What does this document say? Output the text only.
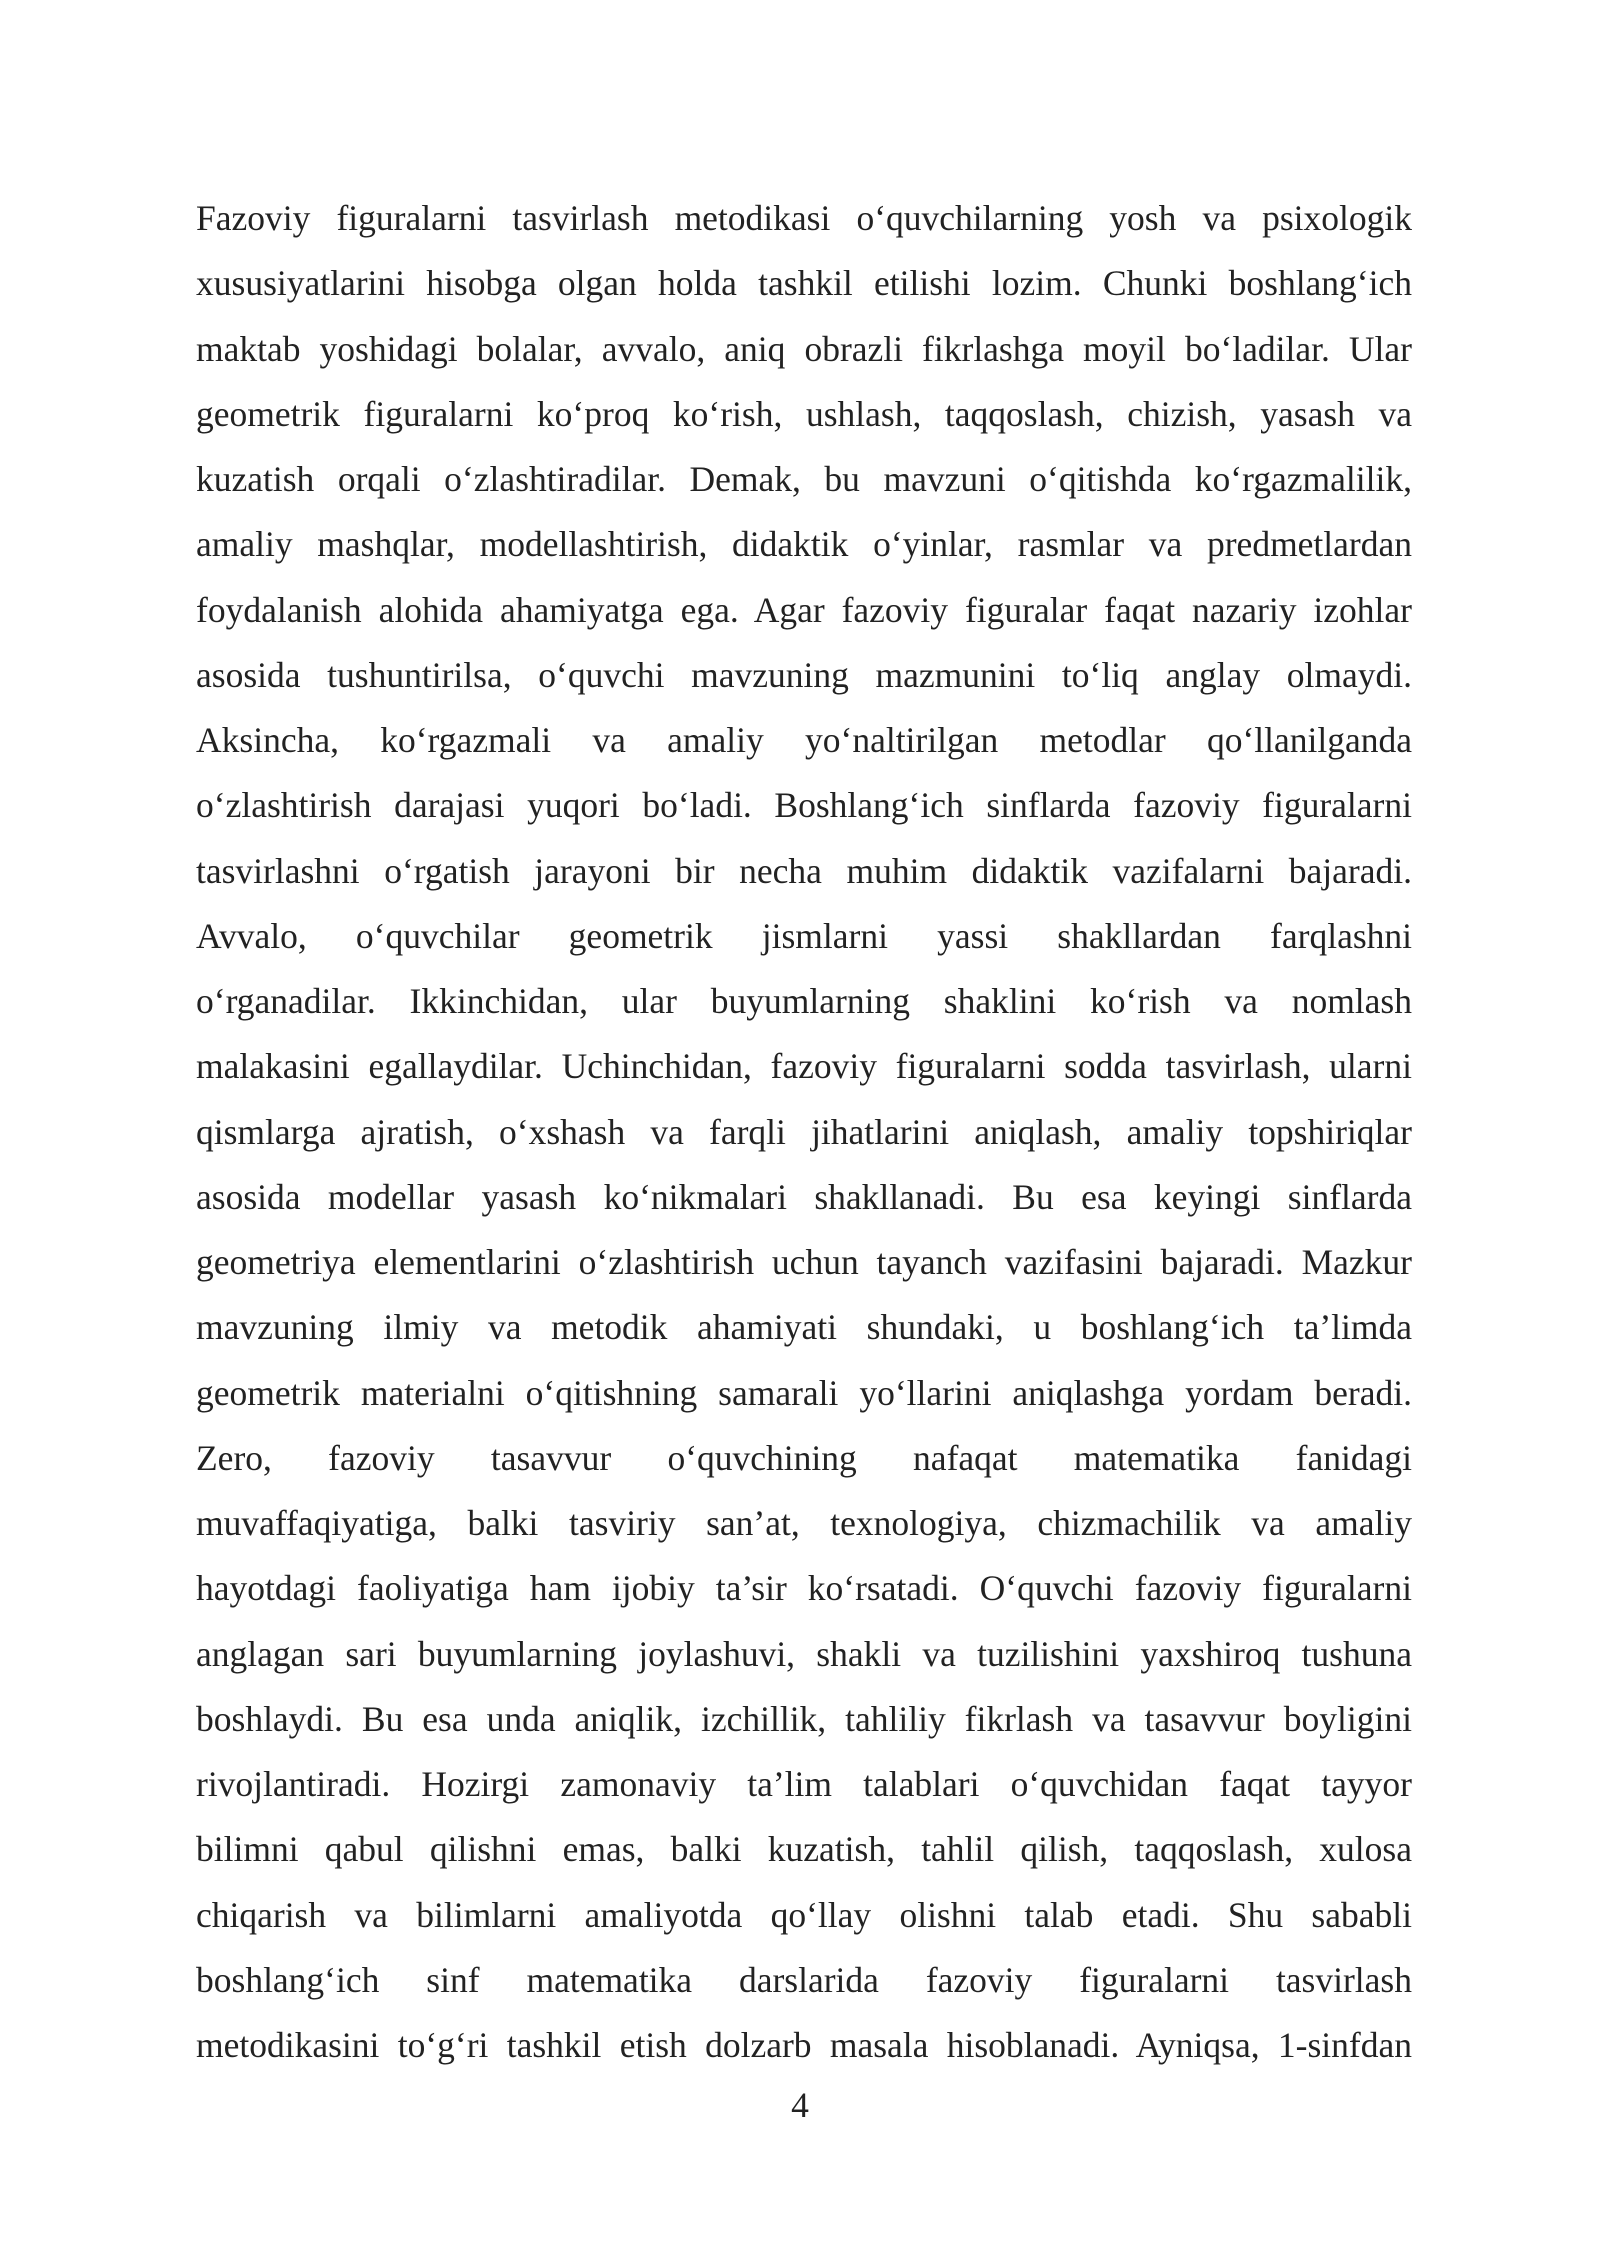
Fazoviy figuralarni tasvirlash metodikasi o‘quvchilarning yosh va psixologik
xususiyatlarini hisobga olgan holda tashkil etilishi lozim. Chunki boshlang‘ich
maktab yoshidagi bolalar, avvalo, aniq obrazli fikrlashga moyil bo‘ladilar. Ular
geometrik figuralarni ko‘proq ko‘rish, ushlash, taqqoslash, chizish, yasash va
kuzatish orqali o‘zlashtiradilar. Demak, bu mavzuni o‘qitishda ko‘rgazmalilik,
amaliy mashqlar, modellashtirish, didaktik o‘yinlar, rasmlar va predmetlardan
foydalanish alohida ahamiyatga ega. Agar fazoviy figuralar faqat nazariy izohlar
asosida tushuntirilsa, o‘quvchi mavzuning mazmunini to‘liq anglay olmaydi.
Aksincha, ko‘rgazmali va amaliy yo‘naltirilgan metodlar qo‘llanilganda
o‘zlashtirish darajasi yuqori bo‘ladi. Boshlang‘ich sinflarda fazoviy figuralarni
tasvirlashni o‘rgatish jarayoni bir necha muhim didaktik vazifalarni bajaradi.
Avvalo, o‘quvchilar geometrik jismlarni yassi shakllardan farqlashni
o‘rganadilar. Ikkinchidan, ular buyumlarning shaklini ko‘rish va nomlash
malakasini egallaydilar. Uchinchidan, fazoviy figuralarni sodda tasvirlash, ularni
qismlarga ajratish, o‘xshash va farqli jihatlarini aniqlash, amaliy topshiriqlar
asosida modellar yasash ko‘nikmalari shakllanadi. Bu esa keyingi sinflarda
geometriya elementlarini o‘zlashtirish uchun tayanch vazifasini bajaradi. Mazkur
mavzuning ilmiy va metodik ahamiyati shundaki, u boshlang‘ich ta’limda
geometrik materialni o‘qitishning samarali yo‘llarini aniqlashga yordam beradi.
Zero, fazoviy tasavvur o‘quvchining nafaqat matematika fanidagi
muvaffaqiyatiga, balki tasviriy san’at, texnologiya, chizmachilik va amaliy
hayotdagi faoliyatiga ham ijobiy ta’sir ko‘rsatadi. O‘quvchi fazoviy figuralarni
anglagan sari buyumlarning joylashuvi, shakli va tuzilishini yaxshiroq tushuna
boshlaydi. Bu esa unda aniqlik, izchillik, tahliliy fikrlash va tasavvur boyligini
rivojlantiradi. Hozirgi zamonaviy ta’lim talablari o‘quvchidan faqat tayyor
bilimni qabul qilishni emas, balki kuzatish, tahlil qilish, taqqoslash, xulosa
chiqarish va bilimlarni amaliyotda qo‘llay olishni talab etadi. Shu sababli
boshlang‘ich sinf matematika darslarida fazoviy figuralarni tasvirlash
metodikasini to‘g‘ri tashkil etish dolzarb masala hisoblanadi. Ayniqsa, 1-sinfdan
4
